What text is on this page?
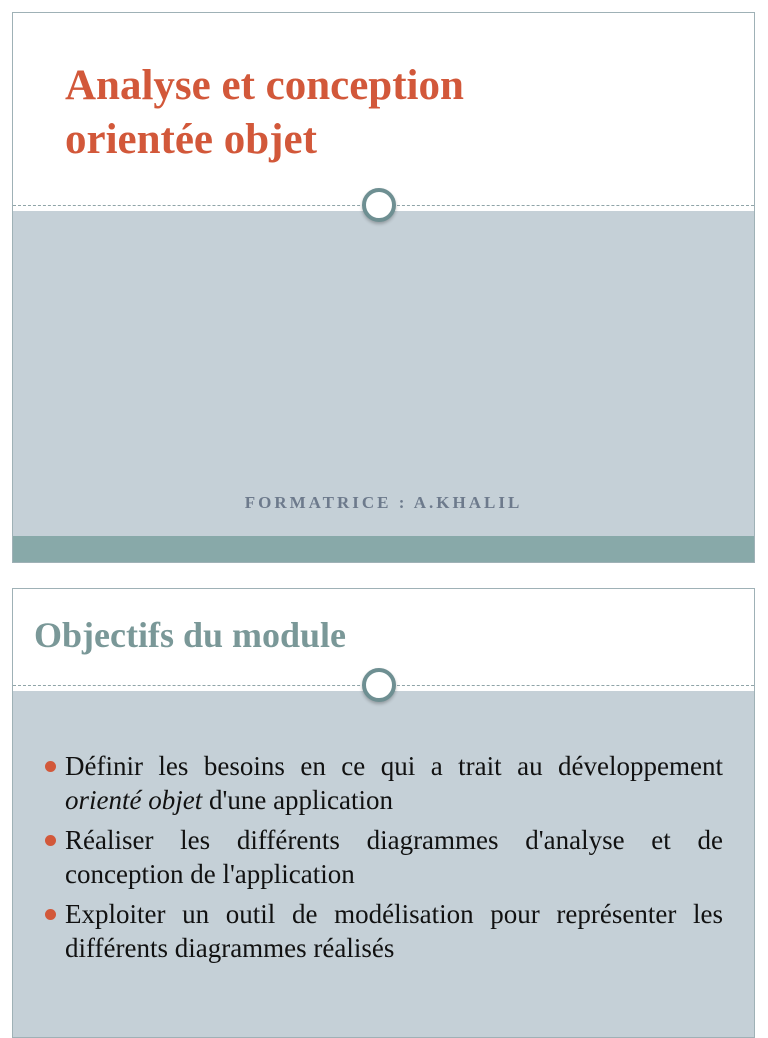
Analyse et conception
orientée objet
FORMATRICE : A.KHALIL
Objectifs du module
Définir les besoins en ce qui a trait au développement orienté objet d'une application
Réaliser les différents diagrammes d'analyse et de conception de l'application
Exploiter un outil de modélisation pour représenter les différents diagrammes réalisés
